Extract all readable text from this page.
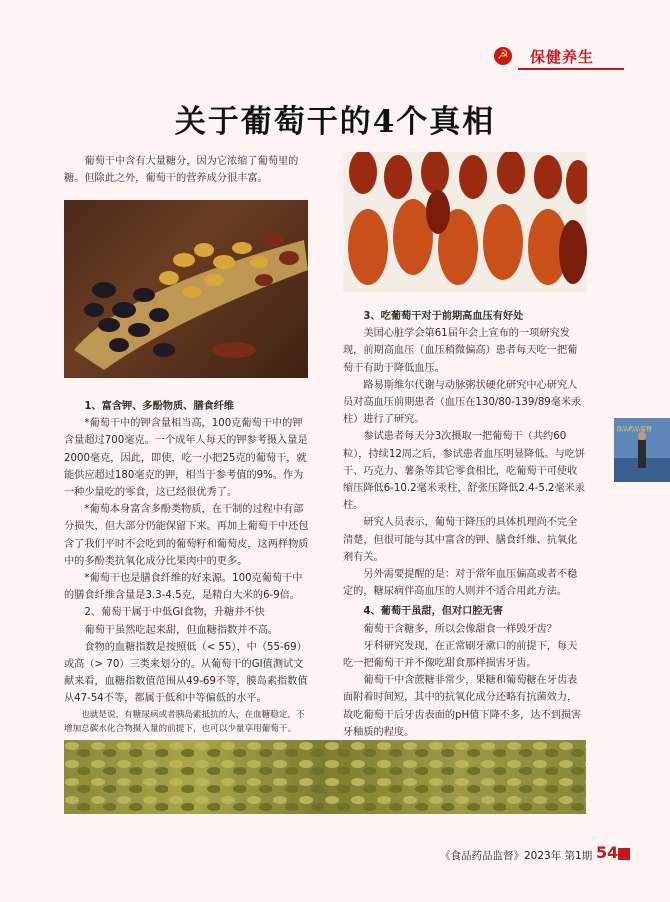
☭ 保健养生
关于葡萄干的4个真相

葡萄干中含有大量糖分，因为它浓缩了葡萄里的糖。但除此之外，葡萄干的营养成分很丰富。

食品药品监督

1、富含钾、多酚物质、膳食纤维

*葡萄干中的钾含量相当高，100克葡萄干中的钾含量超过700毫克。一个成年人每天的钾参考摄入量是2000毫克，因此，即使，吃一小把25克的葡萄干，就能供应超过180毫克的钾，相当于参考值的9%。作为一种少量吃的零食，这已经很优秀了。

*葡萄本身富含多酚类物质，在干制的过程中有部分损失，但大部分仍能保留下来。再加上葡萄干中还包含了我们平时不会吃到的葡萄籽和葡萄皮，这两样物质中的多酚类抗氧化成分比果肉中的更多。

*葡萄干也是膳食纤维的好来源。100克葡萄干中的膳食纤维含量是3.3-4.5克，是精白大米的6-9倍。

2、葡萄干属于中低GI食物，升糖并不快

葡萄干虽然吃起来甜，但血糖指数并不高。

食物的血糖指数是按照低（< 55），中（55-69）或高（> 70）三类来划分的。从葡萄干的GI值测试文献来看，血糖指数值范围从49-69不等，膜岛素指数值从47-54不等，都属于低和中等偏低的水平。

也就是说，有糖尿病或者胰岛素抵抗的人，在血糖稳定，不增加总碳水化合物摄入量的前提下，也可以少量享用葡萄干。

3、吃葡萄干对于前期高血压有好处

美国心脏学会第61届年会上宣布的一项研究发现，前期高血压（血压稍微偏高）患者每天吃一把葡萄干有助于降低血压。

路易斯维尔代谢与动脉粥状硬化研究中心研究人员对高血压前期患者（血压在130/80-139/89毫米汞柱）进行了研究。

参试患者每天分3次摄取一把葡萄干（共约60粒），持续12周之后，参试患者血压明显降低。与吃饼干、巧克力、薯条等其它零食相比，吃葡萄干可使收缩压降低6-10.2毫米汞柱，舒张压降低2.4-5.2毫米汞柱。

研究人员表示，葡萄干降压的具体机理尚不完全清楚，但很可能与其中富含的钾、膳食纤维、抗氧化剂有关。

另外需要提醒的是：对于常年血压偏高或者不稳定的，糖尿病伴高血压的人则并不适合用此方法。

4、葡萄干虽甜，但对口腔无害

葡萄干含糖多，所以会像甜食一样毁牙齿？

牙科研究发现，在正常刷牙漱口的前提下，每天吃一把葡萄干并不像吃甜食那样损害牙齿。

葡萄干中含蔗糖非常少，果糖和葡萄糖在牙齿表面附着时间短，其中的抗氧化成分还略有抗菌效力，故吃葡萄干后牙齿表面的pH值下降不多，达不到损害牙釉质的程度。

《食品药品监督》2023年 第1期 54
